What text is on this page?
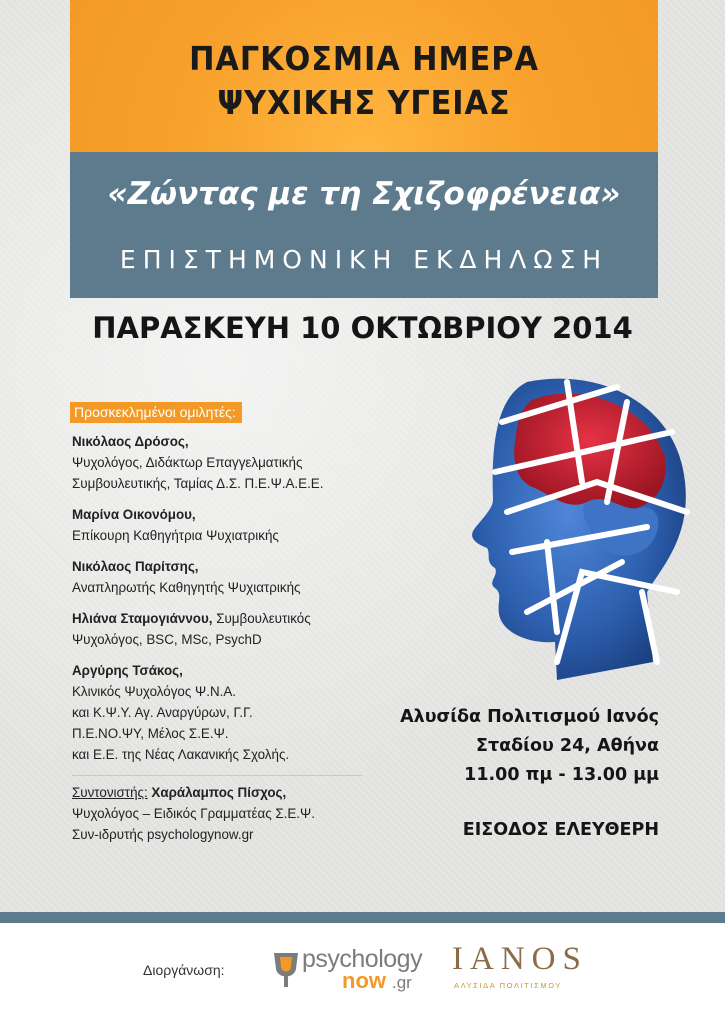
ΠΑΓΚΟΣΜΙΑ ΗΜΕΡΑ
ΨΥΧΙΚΗΣ ΥΓΕΙΑΣ
«Ζώντας με τη Σχιζοφρένεια»
ΕΠΙΣΤΗΜΟΝΙΚΗ ΕΚΔΗΛΩΣΗ
ΠΑΡΑΣΚΕΥΗ 10 ΟΚΤΩΒΡΙΟΥ 2014
Προσκεκλημένοι ομιλητές:
Νικόλαος Δρόσος,
Ψυχολόγος, Διδάκτωρ Επαγγελματικής
Συμβουλευτικής, Ταμίας Δ.Σ. Π.Ε.Ψ.Α.Ε.Ε.
Μαρίνα Οικονόμου,
Επίκουρη Καθηγήτρια Ψυχιατρικής
Νικόλαος Παρίτσης,
Αναπληρωτής Καθηγητής Ψυχιατρικής
Ηλιάνα Σταμογιάννου, Συμβουλευτικός
Ψυχολόγος, BSC, MSc, PsychD
Αργύρης Τσάκος,
Κλινικός Ψυχολόγος Ψ.Ν.Α.
και Κ.Ψ.Υ. Αγ. Αναργύρων, Γ.Γ.
Π.Ε.ΝΟ.ΨΥ, Μέλος Σ.Ε.Ψ.
και Ε.Ε. της Νέας Λακανικής Σχολής.
Συντονιστής: Χαράλαμπος Πίσχος,
Ψυχολόγος – Ειδικός Γραμματέας Σ.Ε.Ψ.
Συν-ιδρυτής psychologynow.gr
Αλυσίδα Πολιτισμού Ιανός
Σταδίου 24, Αθήνα
11.00 πμ - 13.00 μμ
ΕΙΣΟΔΟΣ ΕΛΕΥΘΕΡΗ
Διοργάνωση:	psychology
now .gr
IANOS
ΑΛΥΣΙΔΑ ΠΟΛΙΤΙΣΜΟΥ
